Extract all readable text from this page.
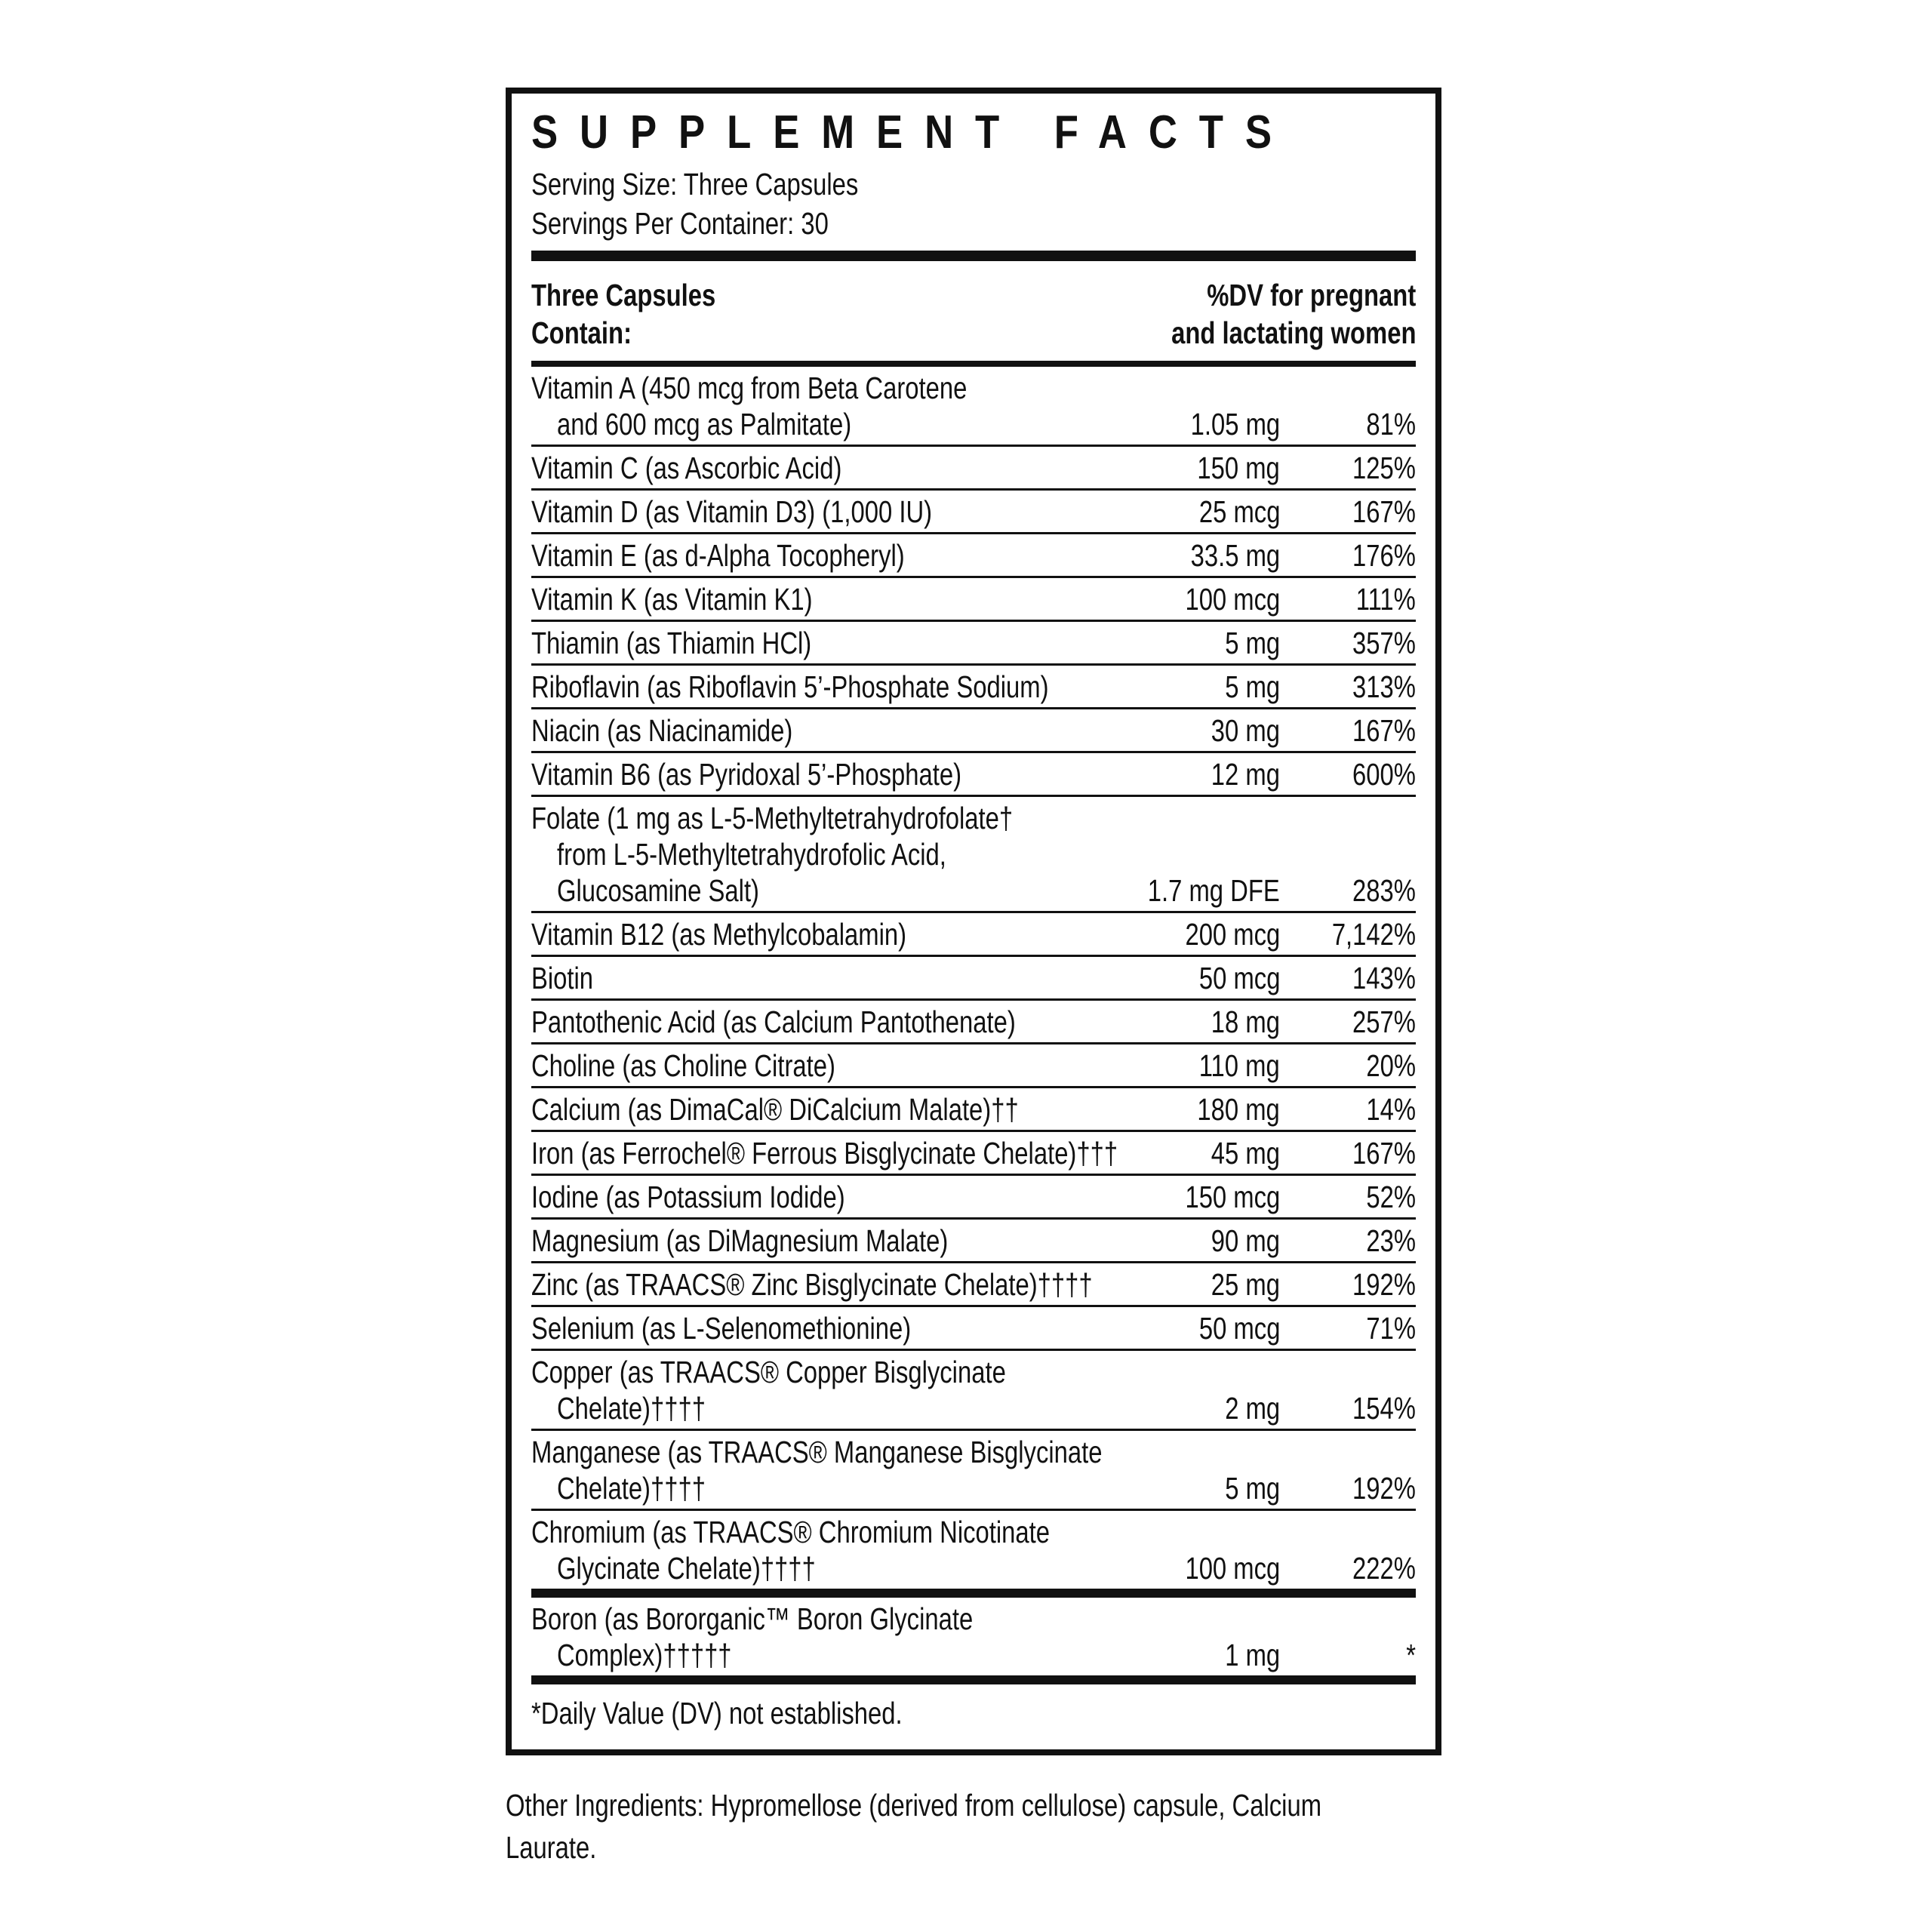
SUPPLEMENT FACTS
Serving Size: Three Capsules
Servings Per Container: 30
Three Capsules
Contain:
%DV for pregnant
and lactating women
Vitamin A (450 mcg from Beta Carotene
and 600 mcg as Palmitate)	1.05 mg	81%
Vitamin C (as Ascorbic Acid)	150 mg	125%
Vitamin D (as Vitamin D3) (1,000 IU)	25 mcg	167%
Vitamin E (as d-Alpha Tocopheryl)	33.5 mg	176%
Vitamin K (as Vitamin K1)	100 mcg	111%
Thiamin (as Thiamin HCl)	5 mg	357%
Riboflavin (as Riboflavin 5’-Phosphate Sodium)	5 mg	313%
Niacin (as Niacinamide)	30 mg	167%
Vitamin B6 (as Pyridoxal 5’-Phosphate)	12 mg	600%
Folate (1 mg as L-5-Methyltetrahydrofolate†
from L-5-Methyltetrahydrofolic Acid,
Glucosamine Salt)	1.7 mg DFE	283%
Vitamin B12 (as Methylcobalamin)	200 mcg	7,142%
Biotin	50 mcg	143%
Pantothenic Acid (as Calcium Pantothenate)	18 mg	257%
Choline (as Choline Citrate)	110 mg	20%
Calcium (as DimaCal® DiCalcium Malate)††	180 mg	14%
Iron (as Ferrochel® Ferrous Bisglycinate Chelate)†††	45 mg	167%
Iodine (as Potassium Iodide)	150 mcg	52%
Magnesium (as DiMagnesium Malate)	90 mg	23%
Zinc (as TRAACS® Zinc Bisglycinate Chelate)††††	25 mg	192%
Selenium (as L-Selenomethionine)	50 mcg	71%
Copper (as TRAACS® Copper Bisglycinate
Chelate)††††	2 mg	154%
Manganese (as TRAACS® Manganese Bisglycinate
Chelate)††††	5 mg	192%
Chromium (as TRAACS® Chromium Nicotinate
Glycinate Chelate)††††	100 mcg	222%
Boron (as Bororganic™ Boron Glycinate
Complex)†††††	1 mg	*
*Daily Value (DV) not established.
Other Ingredients: Hypromellose (derived from cellulose) capsule, Calcium Laurate.
